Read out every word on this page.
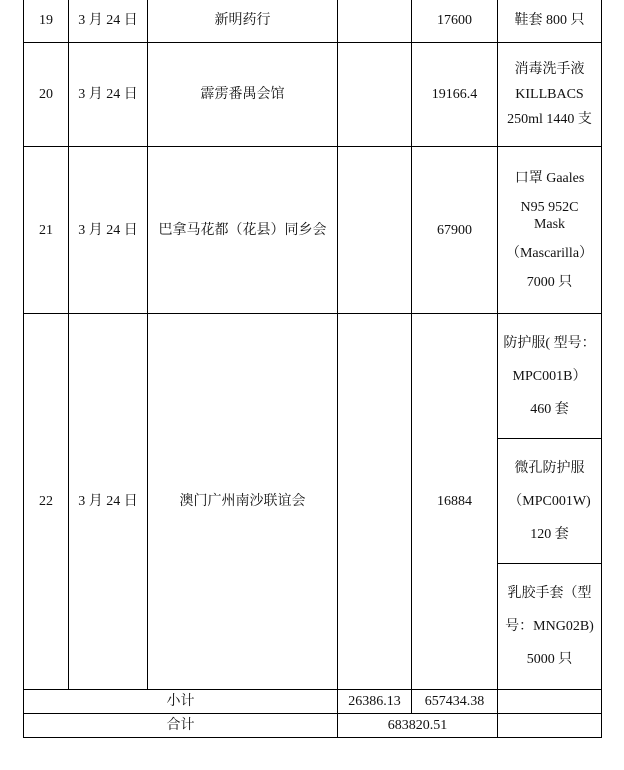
19	3 月 24 日	新明药行		17600	鞋套 800 只
20	3 月 24 日	霹雳番禺会馆		19166.4	消毒洗手液
KILLBACS
250ml 1440 支

21	3 月 24 日	巴拿马花都（花县）同乡会		67900	口罩 Gaales
N95 952C
Mask
（Mascarilla）
7000 只

22	3 月 24 日	澳门广州南沙联谊会		16884	防护服( 型号：
MPC001B）
460 套

					微孔防护服
（MPC001W)
120 套

					乳胶手套（型
号：MNG02B)
5000 只

小计			26386.13	657434.38	
合计			683820.51		
